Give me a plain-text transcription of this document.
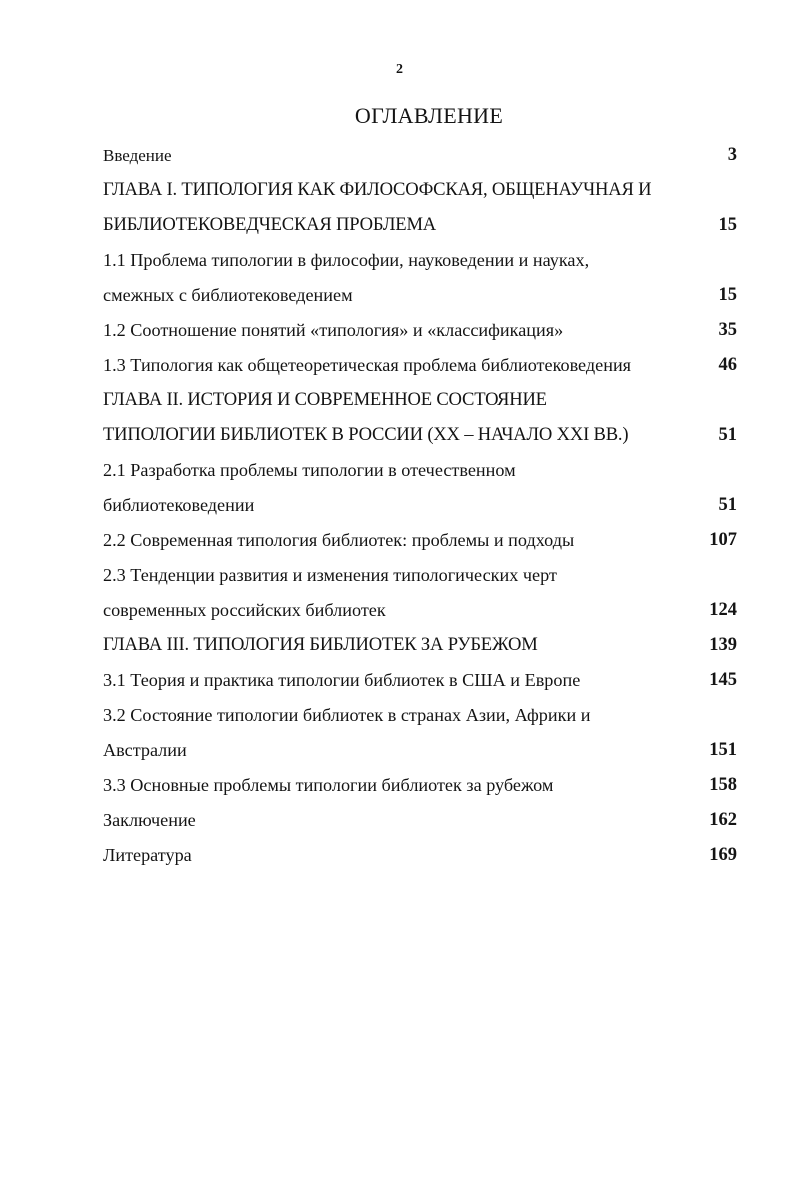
2
ОГЛАВЛЕНИЕ
Введение	3
ГЛАВА I. ТИПОЛОГИЯ КАК ФИЛОСОФСКАЯ, ОБЩЕНАУЧНАЯ И
БИБЛИОТЕКОВЕДЧЕСКАЯ ПРОБЛЕМА	15
1.1 Проблема типологии в философии, науковедении и науках,
смежных с библиотековедением	15
1.2 Соотношение понятий «типология» и «классификация»	35
1.3 Типология как общетеоретическая проблема библиотековедения	46
ГЛАВА II. ИСТОРИЯ И СОВРЕМЕННОЕ СОСТОЯНИЕ
ТИПОЛОГИИ БИБЛИОТЕК В РОССИИ (XX – НАЧАЛО XXI ВВ.)	51
2.1 Разработка проблемы типологии в отечественном
библиотековедении	51
2.2 Современная типология библиотек: проблемы и подходы	107
2.3 Тенденции развития и изменения типологических черт
современных российских библиотек	124
ГЛАВА III. ТИПОЛОГИЯ БИБЛИОТЕК ЗА РУБЕЖОМ	139
3.1 Теория и практика типологии библиотек в США и Европе	145
3.2 Состояние типологии библиотек в странах Азии, Африки и
Австралии	151
3.3 Основные проблемы типологии библиотек за рубежом	158
Заключение	162
Литература	169
